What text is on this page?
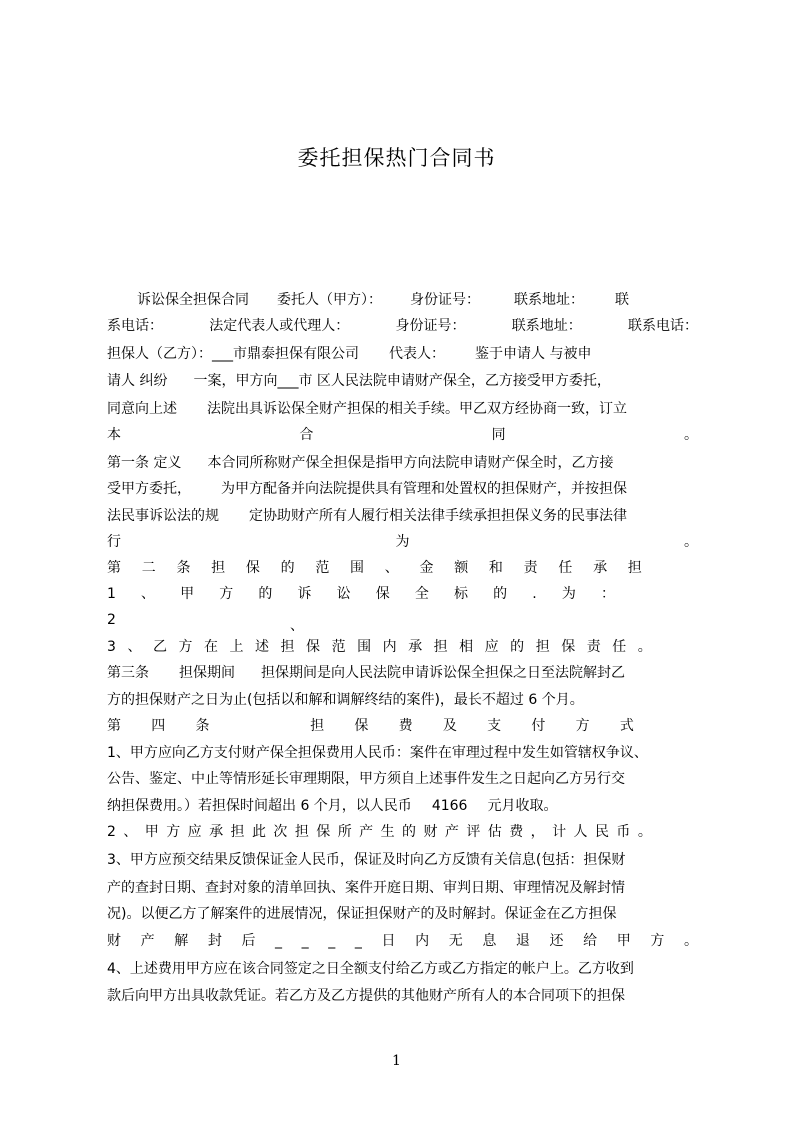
委托担保热门合同书
诉讼保全担保合同 委托人（甲方）： 身份证号： 联系地址： 联
系电话：	法定代表人或代理人：	身份证号：	联系地址：	联系电话：
担保人（乙方）：___市鼎泰担保有限公司 代表人： 鉴于申请人 与被申
请人 纠纷 一案，甲方向___市 区人民法院申请财产保全，乙方接受甲方委托，
同意向上述 法院出具诉讼保全财产担保的相关手续。甲乙双方经协商一致，订立
本	合	同	。
第一条 定义 本合同所称财产保全担保是指甲方向法院申请财产保全时，乙方接
受甲方委托， 为甲方配备并向法院提供具有管理和处置权的担保财产，并按担保
法民事诉讼法的规 定协助财产所有人履行相关法律手续承担担保义务的民事法律
行	为	。
第 二 条 担 保 的 范 围 、 金 额 和 责 任 承 担
1 、 甲 方 的 诉 讼 保 全 标 的 . 为 ：
2	、
3 、 乙 方 在 上 述 担 保 范 围 内 承 担 相 应 的 担 保 责 任 。
第三条 担保期间 担保期间是向人民法院申请诉讼保全担保之日至法院解封乙
方的担保财产之日为止(包括以和解和调解终结的案件)，最长不超过 6 个月。
第 四 条	担 保 费 及 支 付 方 式
1、甲方应向乙方支付财产保全担保费用人民币：案件在审理过程中发生如管辖权争议、
公告、鉴定、中止等情形延长审理期限，甲方须自上述事件发生之日起向乙方另行交
纳担保费用。）若担保时间超出 6 个月，以人民币 4166 元月收取。
2 、 甲 方 应 承 担 此 次 担 保 所 产 生 的 财 产 评 估 费 ， 计 人 民 币 。
3、甲方应预交结果反馈保证金人民币，保证及时向乙方反馈有关信息(包括：担保财
产的查封日期、查封对象的清单回执、案件开庭日期、审判日期、审理情况及解封情
况)。以便乙方了解案件的进展情况，保证担保财产的及时解封。保证金在乙方担保
财 产 解 封 后 _ _ _ _ 日 内 无 息 退 还 给 甲 方 。
4、上述费用甲方应在该合同签定之日全额支付给乙方或乙方指定的帐户上。乙方收到
款后向甲方出具收款凭证。若乙方及乙方提供的其他财产所有人的本合同项下的担保
1
